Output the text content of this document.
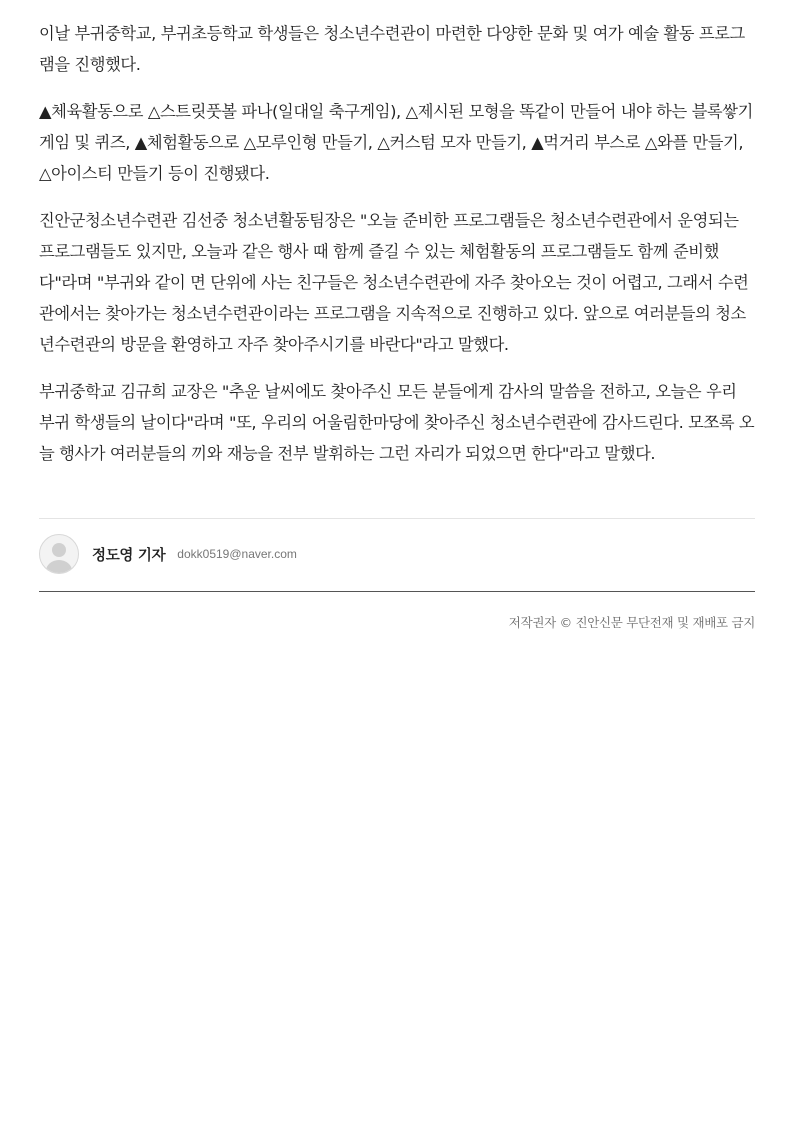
이날 부귀중학교, 부귀초등학교 학생들은 청소년수련관이 마련한 다양한 문화 및 여가 예술 활동 프로그램을 진행했다.

▲체육활동으로 △스트릿풋볼 파나(일대일 축구게임), △제시된 모형을 똑같이 만들어 내야 하는 블록쌓기 게임 및 퀴즈, ▲체험활동으로 △모루인형 만들기, △커스텀 모자 만들기, ▲먹거리 부스로 △와플 만들기, △아이스티 만들기 등이 진행됐다.

진안군청소년수련관 김선중 청소년활동팀장은 "오늘 준비한 프로그램들은 청소년수련관에서 운영되는 프로그램들도 있지만, 오늘과 같은 행사 때 함께 즐길 수 있는 체험활동의 프로그램들도 함께 준비했다"라며 "부귀와 같이 면 단위에 사는 친구들은 청소년수련관에 자주 찾아오는 것이 어렵고, 그래서 수련관에서는 찾아가는 청소년수련관이라는 프로그램을 지속적으로 진행하고 있다. 앞으로 여러분들의 청소년수련관의 방문을 환영하고 자주 찾아주시기를 바란다"라고 말했다.

부귀중학교 김규희 교장은 "추운 날씨에도 찾아주신 모든 분들에게 감사의 말씀을 전하고, 오늘은 우리 부귀 학생들의 날이다"라며 "또, 우리의 어울림한마당에 찾아주신 청소년수련관에 감사드린다. 모쪼록 오늘 행사가 여러분들의 끼와 재능을 전부 발휘하는 그런 자리가 되었으면 한다"라고 말했다.

정도영 기자 dokk0519@naver.com
저작권자 © 진안신문 무단전재 및 재배포 금지
